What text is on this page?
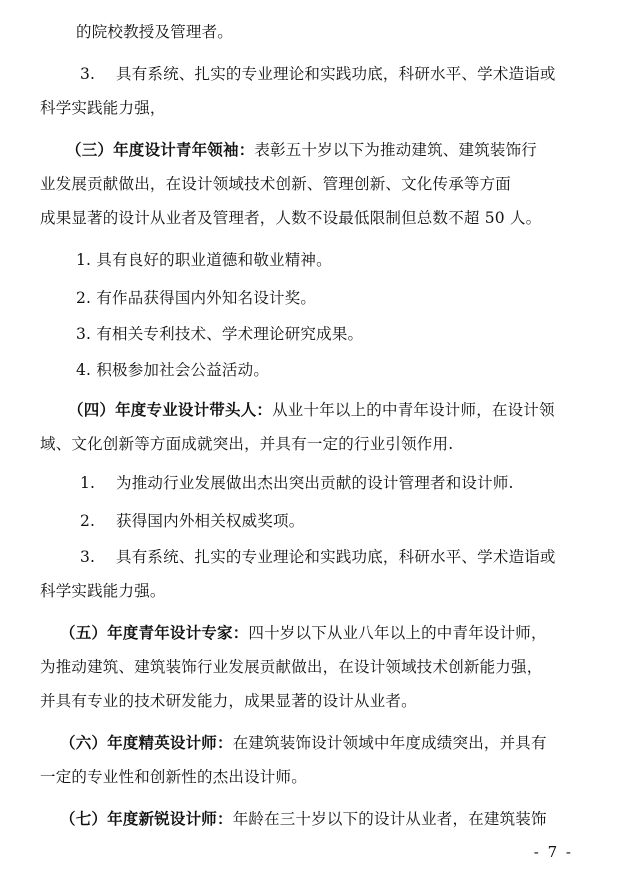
的院校教授及管理者。
3.　 具有系统、扎实的专业理论和实践功底，科研水平、学术造诣或
科学实践能力强，
（三）年度设计青年领袖：表彰五十岁以下为推动建筑、建筑装饰行
业发展贡献做出，在设计领域技术创新、管理创新、文化传承等方面
成果显著的设计从业者及管理者，人数不设最低限制但总数不超 50 人。
1. 具有良好的职业道德和敬业精神。
2. 有作品获得国内外知名设计奖。
3. 有相关专利技术、学术理论研究成果。
4. 积极参加社会公益活动。
（四）年度专业设计带头人：从业十年以上的中青年设计师，在设计领
域、文化创新等方面成就突出，并具有一定的行业引领作用.
1.　 为推动行业发展做出杰出突出贡献的设计管理者和设计师.
2.　 获得国内外相关权威奖项。
3.　 具有系统、扎实的专业理论和实践功底，科研水平、学术造诣或
科学实践能力强。
（五）年度青年设计专家：四十岁以下从业八年以上的中青年设计师，
为推动建筑、建筑装饰行业发展贡献做出，在设计领域技术创新能力强，
并具有专业的技术研发能力，成果显著的设计从业者。
（六）年度精英设计师：在建筑装饰设计领域中年度成绩突出，并具有
一定的专业性和创新性的杰出设计师。
（七）年度新锐设计师：年龄在三十岁以下的设计从业者，在建筑装饰
- 7 -
